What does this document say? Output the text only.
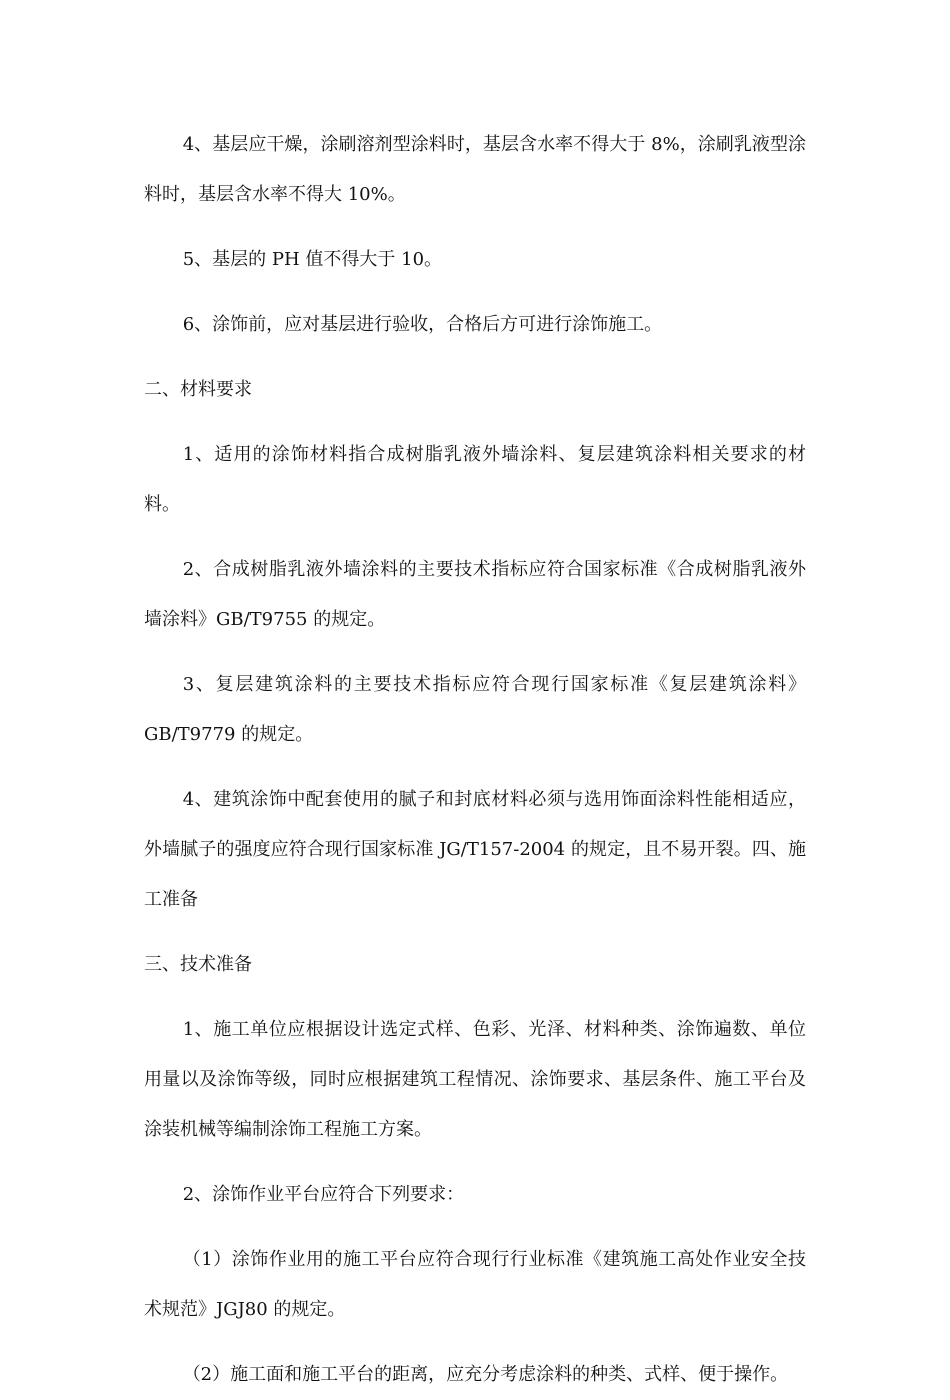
4、基层应干燥，涂刷溶剂型涂料时，基层含水率不得大于 8%，涂刷乳液型涂料时，基层含水率不得大 10%。

5、基层的 PH 值不得大于 10。

6、涂饰前，应对基层进行验收，合格后方可进行涂饰施工。

二、材料要求

1、适用的涂饰材料指合成树脂乳液外墙涂料、复层建筑涂料相关要求的材料。

2、合成树脂乳液外墙涂料的主要技术指标应符合国家标准《合成树脂乳液外墙涂料》GB/T9755 的规定。

3、复层建筑涂料的主要技术指标应符合现行国家标准《复层建筑涂料》GB/T9779 的规定。

4、建筑涂饰中配套使用的腻子和封底材料必须与选用饰面涂料性能相适应，外墙腻子的强度应符合现行国家标准 JG/T157-2004 的规定，且不易开裂。四、施工准备

三、技术准备

1、施工单位应根据设计选定式样、色彩、光泽、材料种类、涂饰遍数、单位用量以及涂饰等级，同时应根据建筑工程情况、涂饰要求、基层条件、施工平台及涂装机械等编制涂饰工程施工方案。

2、涂饰作业平台应符合下列要求：

（1）涂饰作业用的施工平台应符合现行行业标准《建筑施工高处作业安全技术规范》JGJ80 的规定。

（2）施工面和施工平台的距离，应充分考虑涂料的种类、式样、便于操作。
